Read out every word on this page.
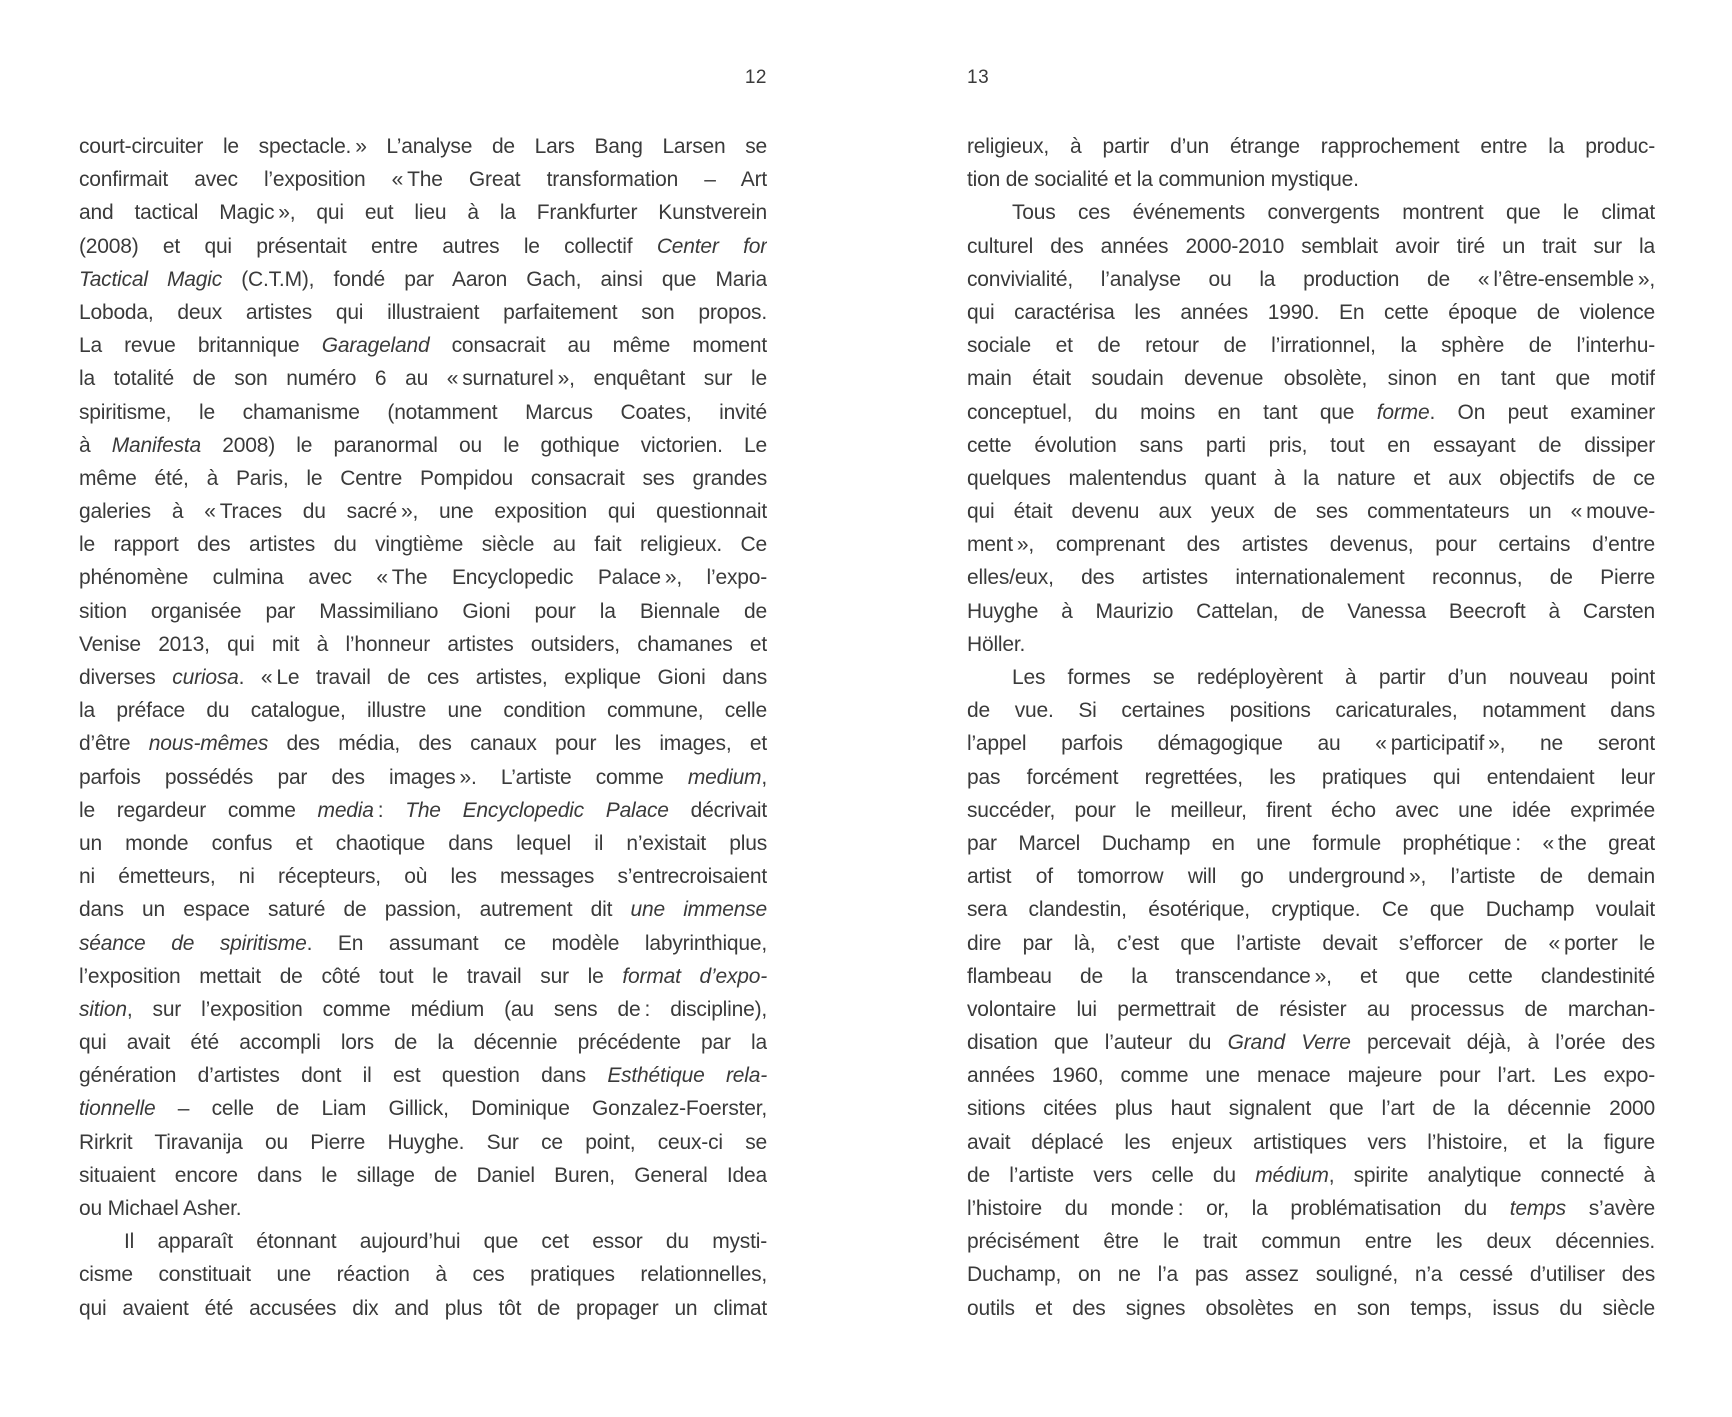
12	13
court-circuiter le spectacle. » L’analyse de Lars Bang Larsen se
confirmait avec l’exposition « The Great transformation – Art
and tactical Magic », qui eut lieu à la Frankfurter Kunstverein
(2008) et qui présentait entre autres le collectif Center for
Tactical Magic (C.T.M), fondé par Aaron Gach, ainsi que Maria
Loboda, deux artistes qui illustraient parfaitement son propos.
La revue britannique Garageland consacrait au même moment
la totalité de son numéro 6 au « surnaturel », enquêtant sur le
spiritisme, le chamanisme (notamment Marcus Coates, invité
à Manifesta 2008) le paranormal ou le gothique victorien. Le
même été, à Paris, le Centre Pompidou consacrait ses grandes
galeries à « Traces du sacré », une exposition qui questionnait
le rapport des artistes du vingtième siècle au fait religieux. Ce
phénomène culmina avec « The Encyclopedic Palace », l’expo-
sition organisée par Massimiliano Gioni pour la Biennale de
Venise 2013, qui mit à l’honneur artistes outsiders, chamanes et
diverses curiosa. « Le travail de ces artistes, explique Gioni dans
la préface du catalogue, illustre une condition commune, celle
d’être nous-mêmes des média, des canaux pour les images, et
parfois possédés par des images ». L’artiste comme medium,
le regardeur comme media : The Encyclopedic Palace décrivait
un monde confus et chaotique dans lequel il n’existait plus
ni émetteurs, ni récepteurs, où les messages s’entrecroisaient
dans un espace saturé de passion, autrement dit une immense
séance de spiritisme. En assumant ce modèle labyrinthique,
l’exposition mettait de côté tout le travail sur le format d’expo-
sition, sur l’exposition comme médium (au sens de : discipline),
qui avait été accompli lors de la décennie précédente par la
génération d’artistes dont il est question dans Esthétique rela-
tionnelle – celle de Liam Gillick, Dominique Gonzalez-Foerster,
Rirkrit Tiravanija ou Pierre Huyghe. Sur ce point, ceux-ci se
situaient encore dans le sillage de Daniel Buren, General Idea
ou Michael Asher.
Il apparaît étonnant aujourd’hui que cet essor du mysti-
cisme constituait une réaction à ces pratiques relationnelles,
qui avaient été accusées dix and plus tôt de propager un climat
religieux, à partir d’un étrange rapprochement entre la produc-
tion de socialité et la communion mystique.
Tous ces événements convergents montrent que le climat
culturel des années 2000-2010 semblait avoir tiré un trait sur la
convivialité, l’analyse ou la production de « l’être-ensemble »,
qui caractérisa les années 1990. En cette époque de violence
sociale et de retour de l’irrationnel, la sphère de l’interhu-
main était soudain devenue obsolète, sinon en tant que motif
conceptuel, du moins en tant que forme. On peut examiner
cette évolution sans parti pris, tout en essayant de dissiper
quelques malentendus quant à la nature et aux objectifs de ce
qui était devenu aux yeux de ses commentateurs un « mouve-
ment », comprenant des artistes devenus, pour certains d’entre
elles/eux, des artistes internationalement reconnus, de Pierre
Huyghe à Maurizio Cattelan, de Vanessa Beecroft à Carsten
Höller.
Les formes se redéployèrent à partir d’un nouveau point
de vue. Si certaines positions caricaturales, notamment dans
l’appel parfois démagogique au « participatif », ne seront
pas forcément regrettées, les pratiques qui entendaient leur
succéder, pour le meilleur, firent écho avec une idée exprimée
par Marcel Duchamp en une formule prophétique : « the great
artist of tomorrow will go underground », l’artiste de demain
sera clandestin, ésotérique, cryptique. Ce que Duchamp voulait
dire par là, c’est que l’artiste devait s’efforcer de « porter le
flambeau de la transcendance », et que cette clandestinité
volontaire lui permettrait de résister au processus de marchan-
disation que l’auteur du Grand Verre percevait déjà, à l’orée des
années 1960, comme une menace majeure pour l’art. Les expo-
sitions citées plus haut signalent que l’art de la décennie 2000
avait déplacé les enjeux artistiques vers l’histoire, et la figure
de l’artiste vers celle du médium, spirite analytique connecté à
l’histoire du monde : or, la problématisation du temps s’avère
précisément être le trait commun entre les deux décennies.
Duchamp, on ne l’a pas assez souligné, n’a cessé d’utiliser des
outils et des signes obsolètes en son temps, issus du siècle
